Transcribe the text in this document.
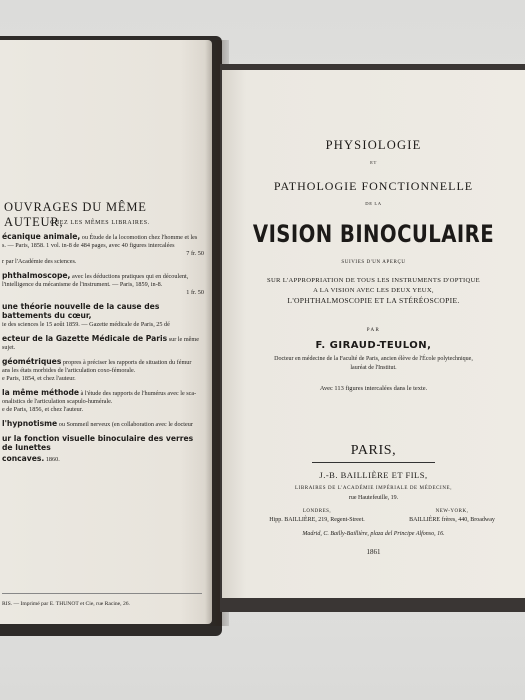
OUVRAGES DU MÊME AUTEUR,
CHEZ LES MÊMES LIBRAIRES.
écanique animale, ou Étude de la locomotion chez l'homme et les
s. — Paris, 1858. 1 vol. in-8 de 484 pages, avec 40 figures intercalées
7 fr. 50
r par l'Académie des sciences.
phthalmoscope, avec les déductions pratiques qui en découlent,
l'intelligence du mécanisme de l'instrument. — Paris, 1859, in-8.
1 fr. 50
une théorie nouvelle de la cause des battements du cœur,
ie des sciences le 15 août 1859. — Gazette médicale de Paris, 25 dé
ecteur de la Gazette Médicale de Paris sur le même sujet.
géométriques propres à préciser les rapports de situation du fémur
ans les états morbides de l'articulation coxo-fémorale.
e Paris, 1854, et chez l'auteur.
la même méthode à l'étude des rapports de l'humérus avec le sca-
onalistics de l'articulation scapulo-humérale.
e de Paris, 1856, et chez l'auteur.
l'hypnotisme ou Sommeil nerveux (en collaboration avec le docteur
ur la fonction visuelle binoculaire des verres de lunettes
concaves. 1860.
RIS. — Imprimé par E. THUNOT et Cie, rue Racine, 26.
PHYSIOLOGIE
ET
PATHOLOGIE FONCTIONNELLE
DE LA
VISION BINOCULAIRE
SUIVIES D'UN APERÇU
SUR L'APPROPRIATION DE TOUS LES INSTRUMENTS D'OPTIQUE
A LA VISION AVEC LES DEUX YEUX,
L'OPHTHALMOSCOPIE ET LA STÉRÉOSCOPIE.
PAR
F. GIRAUD-TEULON,
Docteur en médecine de la Faculté de Paris, ancien élève de l'École polytechnique,
lauréat de l'Institut.
Avec 113 figures intercalées dans le texte.
PARIS,
J.-B. BAILLIÈRE ET FILS,
LIBRAIRES DE L'ACADÉMIE IMPÉRIALE DE MÉDECINE,
rue Hautefeuille, 19.
LONDRES,
Hipp. BAILLIÈRE, 219, Regent-Street.
NEW-YORK,
BAILLIÈRE frères, 440, Broadway
Madrid, C. Bailly-Baillière, plaza del Principe Alfonso, 16.
1861
